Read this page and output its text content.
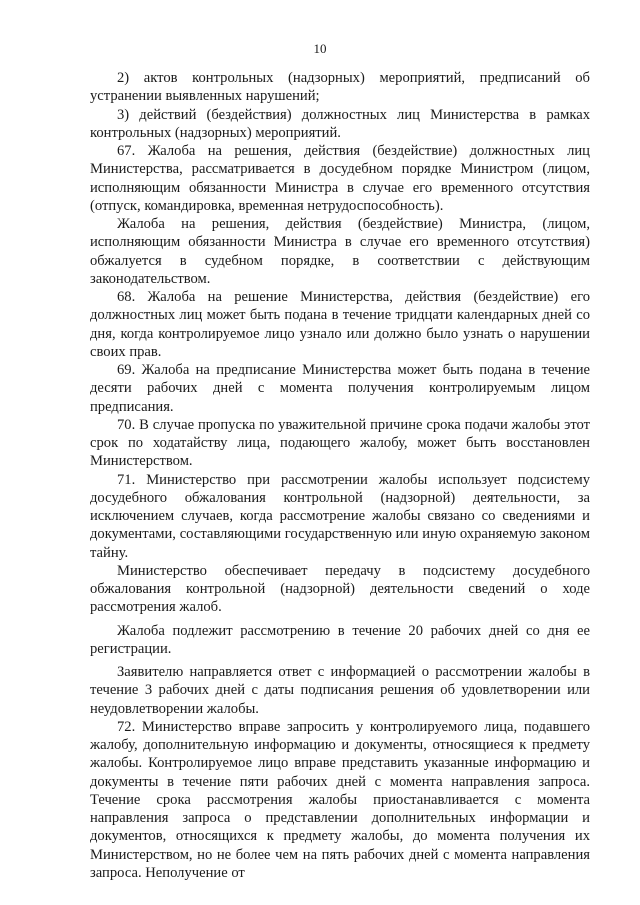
10

2) актов контрольных (надзорных) мероприятий, предписаний об устранении выявленных нарушений;

3) действий (бездействия) должностных лиц Министерства в рамках контрольных (надзорных) мероприятий.

67. Жалоба на решения, действия (бездействие) должностных лиц Министерства, рассматривается в досудебном порядке Министром (лицом, исполняющим обязанности Министра в случае его временного отсутствия (отпуск, командировка, временная нетрудоспособность).

Жалоба на решения, действия (бездействие) Министра, (лицом, исполняющим обязанности Министра в случае его временного отсутствия) обжалуется в судебном порядке, в соответствии с действующим законодательством.

68. Жалоба на решение Министерства, действия (бездействие) его должностных лиц может быть подана в течение тридцати календарных дней со дня, когда контролируемое лицо узнало или должно было узнать о нарушении своих прав.

69. Жалоба на предписание Министерства может быть подана в течение десяти рабочих дней с момента получения контролируемым лицом предписания.

70. В случае пропуска по уважительной причине срока подачи жалобы этот срок по ходатайству лица, подающего жалобу, может быть восстановлен Министерством.

71. Министерство при рассмотрении жалобы использует подсистему досудебного обжалования контрольной (надзорной) деятельности, за исключением случаев, когда рассмотрение жалобы связано со сведениями и документами, составляющими государственную или иную охраняемую законом тайну.

Министерство обеспечивает передачу в подсистему досудебного обжалования контрольной (надзорной) деятельности сведений о ходе рассмотрения жалоб.

Жалоба подлежит рассмотрению в течение 20 рабочих дней со дня ее регистрации.

Заявителю направляется ответ с информацией о рассмотрении жалобы в течение 3 рабочих дней с даты подписания решения об удовлетворении или неудовлетворении жалобы.

72. Министерство вправе запросить у контролируемого лица, подавшего жалобу, дополнительную информацию и документы, относящиеся к предмету жалобы. Контролируемое лицо вправе представить указанные информацию и документы в течение пяти рабочих дней с момента направления запроса. Течение срока рассмотрения жалобы приостанавливается с момента направления запроса о представлении дополнительных информации и документов, относящихся к предмету жалобы, до момента получения их Министерством, но не более чем на пять рабочих дней с момента направления запроса. Неполучение от
